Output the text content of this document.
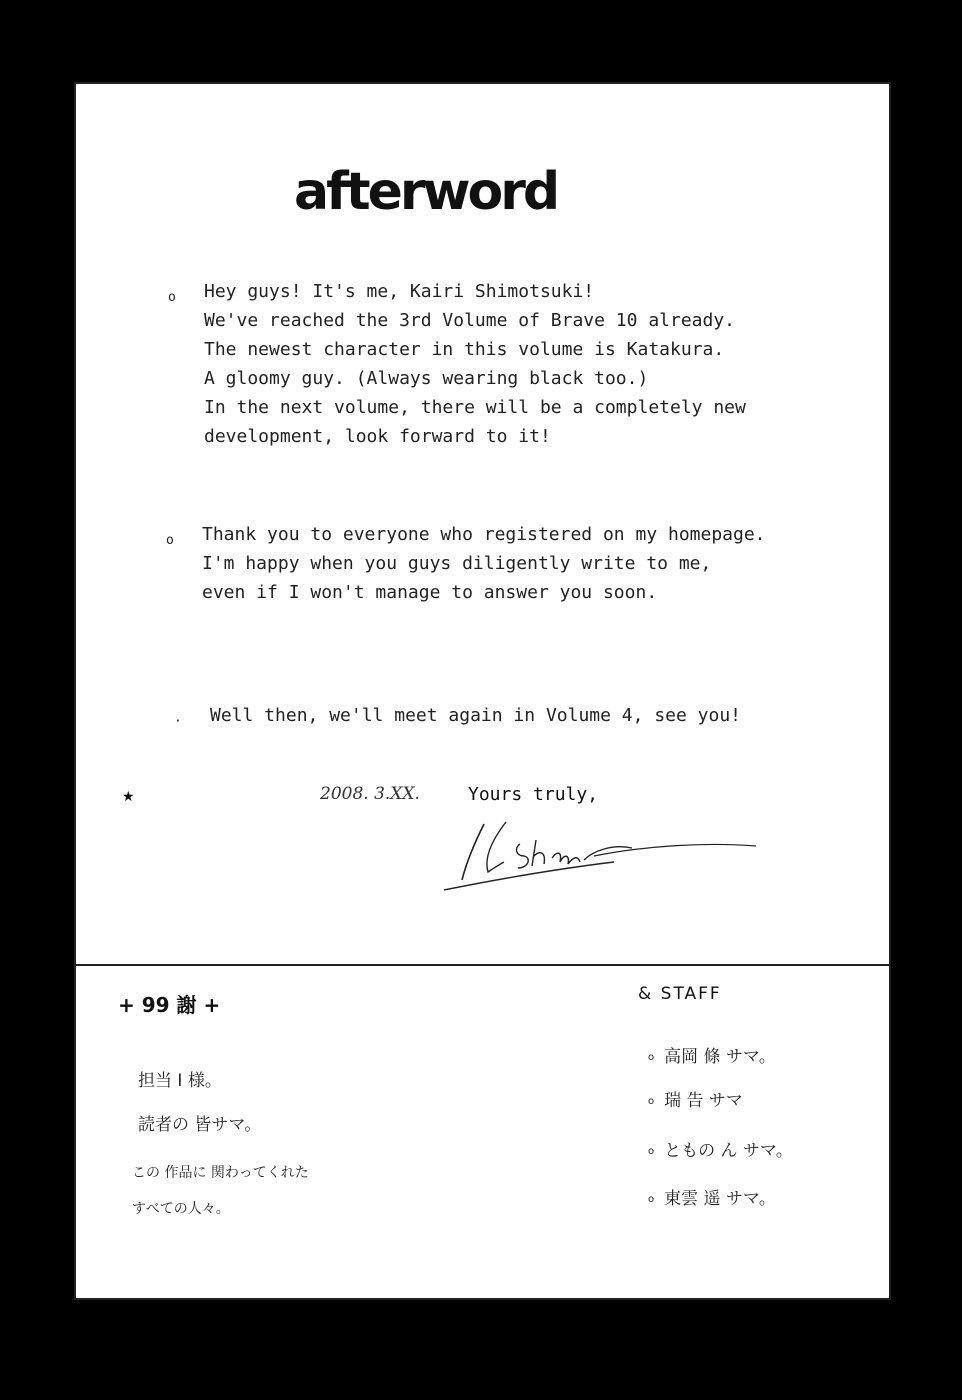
afterword
o Hey guys! It's me, Kairi Shimotsuki!
We've reached the 3rd Volume of Brave 10 already.
The newest character in this volume is Katakura.
A gloomy guy. (Always wearing black too.)
In the next volume, there will be a completely new
development, look forward to it!
o Thank you to everyone who registered on my homepage.
I'm happy when you guys diligently write to me,
even if I won't manage to answer you soon.
· Well then, we'll meet again in Volume 4, see you!
★	2008. 3.XX.	Yours truly,
+ 99 謝 +
担当 I 様。
読者の 皆サマ。
この 作品に 関わってくれた
すべての人々。
& STAFF
o 高岡 條 サマ。
o 瑞 告 サマ
o ともの ん サマ。
o 東雲 遥 サマ。
